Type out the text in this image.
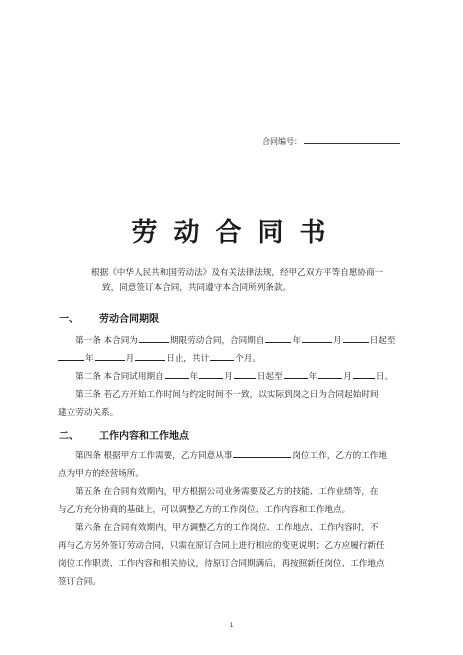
合同编号：
劳动合同书
根据《中华人民共和国劳动法》及有关法律法规，经甲乙双方平等自愿协商一
致，同意签订本合同，共同遵守本合同所列条款。
一、 劳动合同期限
第一条 本合同为	期限劳动合同，合同期自	年	月	日起至
年	月	日止，共计	个月。
第二条 本合同试用期自	年	月	日起至	年	月	日。
第三条 若乙方开始工作时间与约定时间不一致，以实际到岗之日为合同起始时间
建立劳动关系。
二、 工作内容和工作地点
第四条 根据甲方工作需要，乙方同意从事	岗位工作，乙方的工作地
点为甲方的经营场所。
第五条 在合同有效期内，甲方根据公司业务需要及乙方的技能、工作业绩等，在
与乙方充分协商的基础上，可以调整乙方的工作岗位、工作内容和工作地点。
第六条 在合同有效期内，甲方调整乙方的工作岗位、工作地点、工作内容时，不
再与乙方另外签订劳动合同，只需在原订合同上进行相应的变更说明；乙方应履行新任
岗位工作职责、工作内容和相关协议，待原订合同期满后，再按照新任岗位、工作地点
签订合同。
1
